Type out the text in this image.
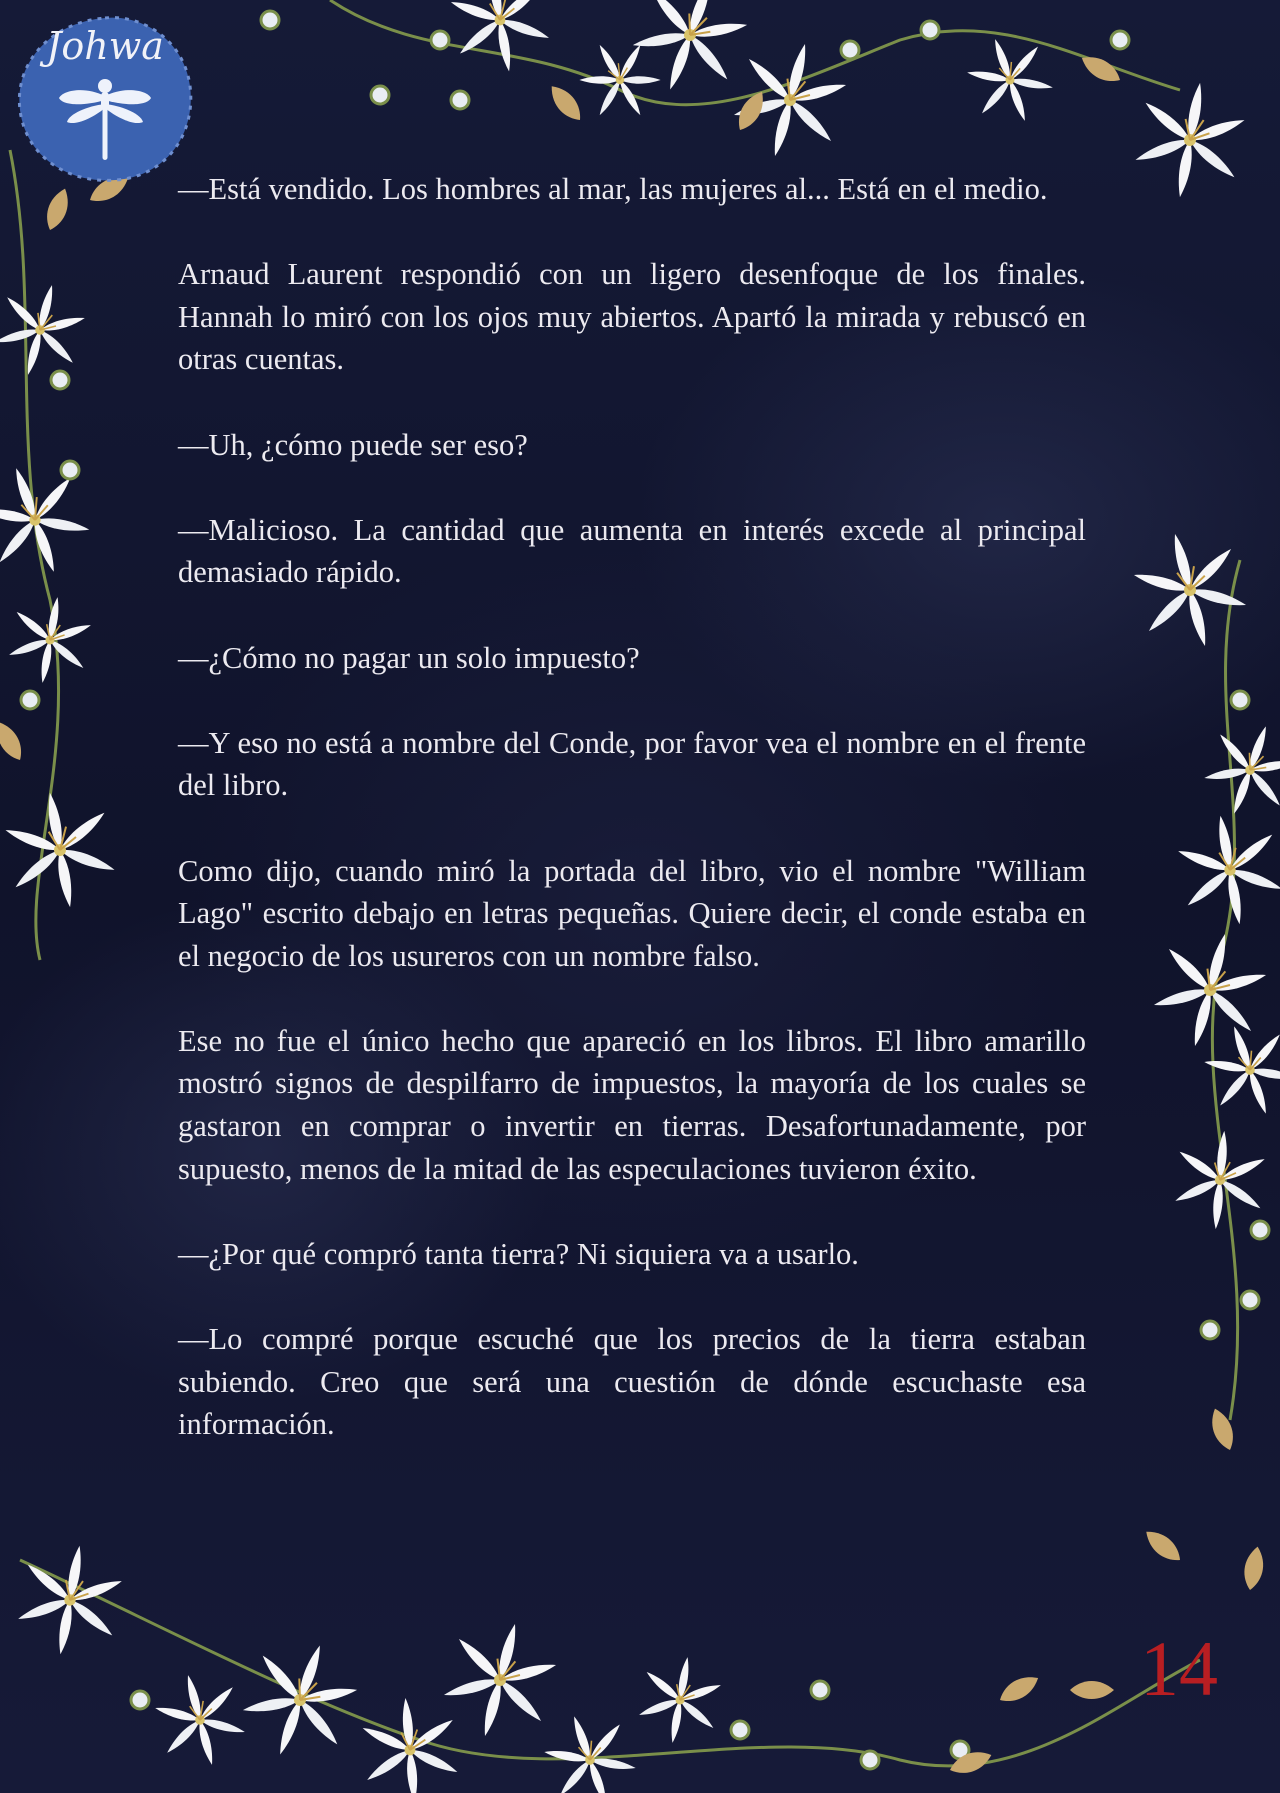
Johwa

—Está vendido. Los hombres al mar, las mujeres al... Está en el medio.

Arnaud Laurent respondió con un ligero desenfoque de los finales. Hannah lo miró con los ojos muy abiertos. Apartó la mirada y rebuscó en otras cuentas.

—Uh, ¿cómo puede ser eso?

—Malicioso. La cantidad que aumenta en interés excede al principal demasiado rápido.

—¿Cómo no pagar un solo impuesto?

—Y eso no está a nombre del Conde, por favor vea el nombre en el frente del libro.

Como dijo, cuando miró la portada del libro, vio el nombre "William Lago" escrito debajo en letras pequeñas. Quiere decir, el conde estaba en el negocio de los usureros con un nombre falso.

Ese no fue el único hecho que apareció en los libros. El libro amarillo mostró signos de despilfarro de impuestos, la mayoría de los cuales se gastaron en comprar o invertir en tierras. Desafortunadamente, por supuesto, menos de la mitad de las especulaciones tuvieron éxito.

—¿Por qué compró tanta tierra? Ni siquiera va a usarlo.

—Lo compré porque escuché que los precios de la tierra estaban subiendo. Creo que será una cuestión de dónde escuchaste esa información.

14
